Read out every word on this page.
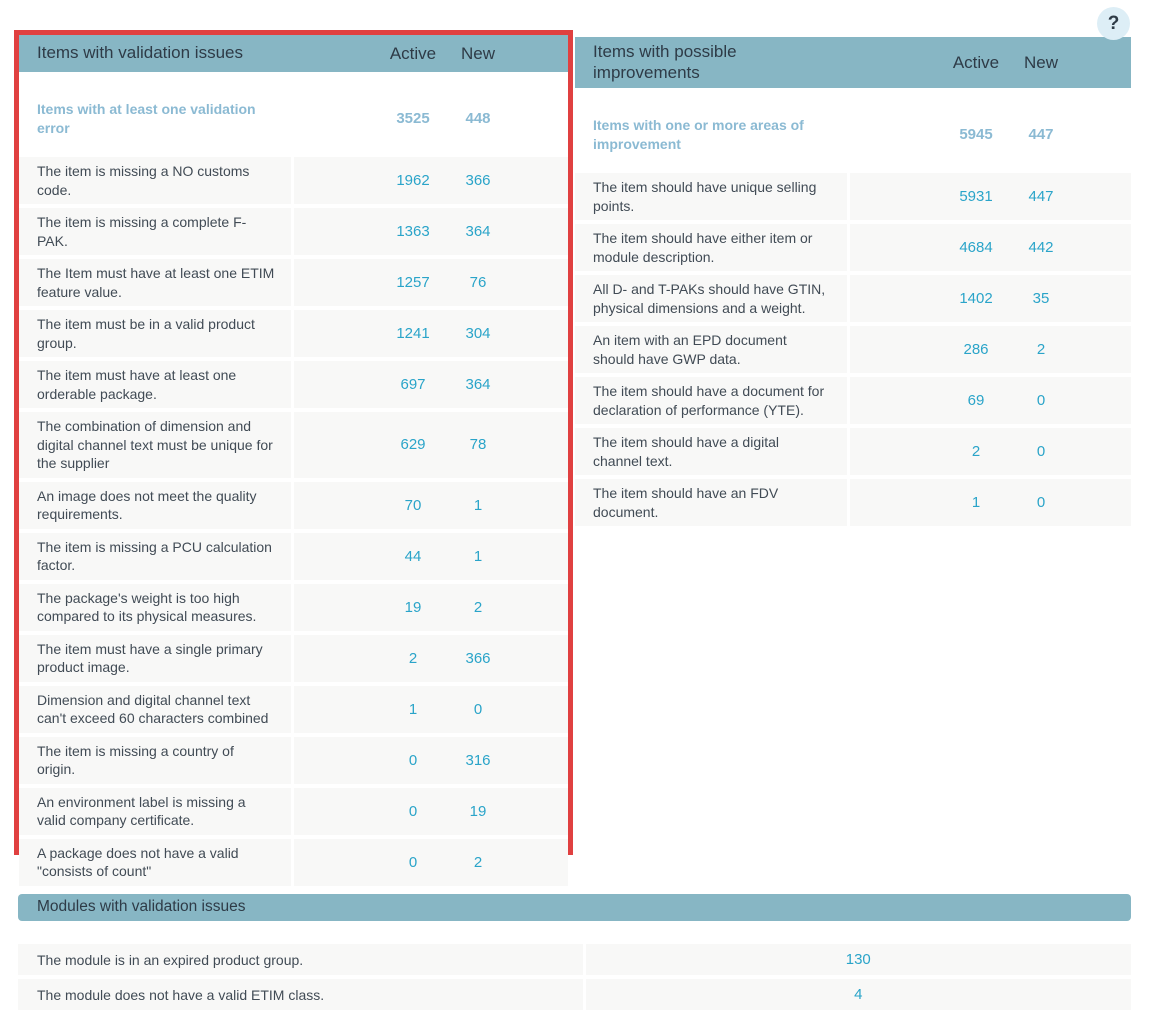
?
Items with validation issues	Active	New
Items with at least one validation error
3525	448
The item is missing a NO customs code.
1962	366
The item is missing a complete F-PAK.
1363	364
The Item must have at least one ETIM feature value.
1257	76
The item must be in a valid product group.
1241	304
The item must have at least one orderable package.
697	364
The combination of dimension and digital channel text must be unique for the supplier
629	78
An image does not meet the quality requirements.
70	1
The item is missing a PCU calculation factor.
44	1
The package's weight is too high compared to its physical measures.
19	2
The item must have a single primary product image.
2	366
Dimension and digital channel text can't exceed 60 characters combined
1	0
The item is missing a country of origin.
0	316
An environment label is missing a valid company certificate.
0	19
A package does not have a valid "consists of count"
0	2
Items with possible improvements
Active	New
Items with one or more areas of improvement
5945	447
The item should have unique selling points.
5931	447
The item should have either item or module description.
4684	442
All D- and T-PAKs should have GTIN, physical dimensions and a weight.
1402	35
An item with an EPD document should have GWP data.
286	2
The item should have a document for declaration of performance (YTE).
69	0
The item should have a digital channel text.
2	0
The item should have an FDV document.
1	0
Modules with validation issues
The module is in an expired product group.	130
The module does not have a valid ETIM class.	4
